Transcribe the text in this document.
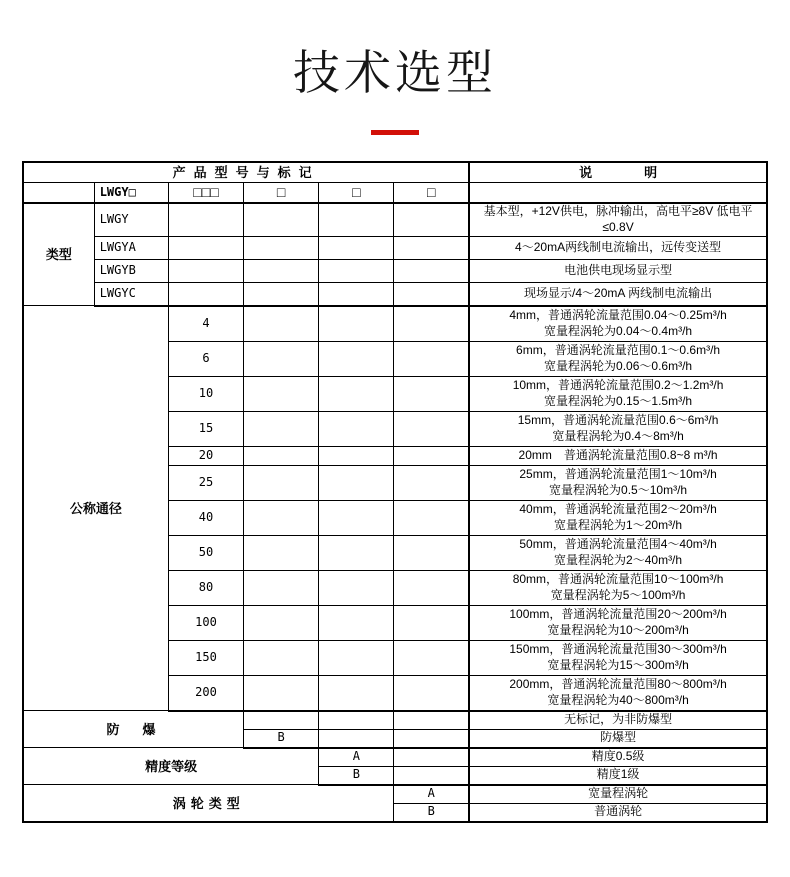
技术选型
产品型号与标记						说　　　　明
	LWGY□	□□□	□	□	□	
类型	LWGY					基本型，+12V供电，脉冲输出，高电平≥8V 低电平≤0.8V
	LWGYA					4～20mA两线制电流输出，远传变送型
	LWGYB					电池供电现场显示型
	LWGYC					现场显示/4～20mA 两线制电流输出
公称通径		4				4mm，普通涡轮流量范围0.04～0.25m³/h
宽量程涡轮为0.04～0.4m³/h

		6				6mm，普通涡轮流量范围0.1～0.6m³/h
宽量程涡轮为0.06～0.6m³/h

		10				10mm，普通涡轮流量范围0.2～1.2m³/h
宽量程涡轮为0.15～1.5m³/h

		15				15mm，普通涡轮流量范围0.6～6m³/h
宽量程涡轮为0.4～8m³/h

		20				20mm　普通涡轮流量范围0.8~8 m³/h

		25				25mm，普通涡轮流量范围1～10m³/h
宽量程涡轮为0.5～10m³/h

		40				40mm，普通涡轮流量范围2～20m³/h
宽量程涡轮为1～20m³/h

		50				50mm，普通涡轮流量范围4～40m³/h
宽量程涡轮为2～40m³/h

		80				80mm，普通涡轮流量范围10～100m³/h
宽量程涡轮为5～100m³/h

		100				100mm，普通涡轮流量范围20～200m³/h
宽量程涡轮为10～200m³/h

		150				150mm，普通涡轮流量范围30～300m³/h
宽量程涡轮为15～300m³/h

		200				200mm，普通涡轮流量范围80～800m³/h
宽量程涡轮为40～800m³/h

防　爆						无标记，为非防爆型
			B			防爆型
精度等级				A		精度0.5级
				B		精度1级
涡轮类型					A	宽量程涡轮
					B	普通涡轮
